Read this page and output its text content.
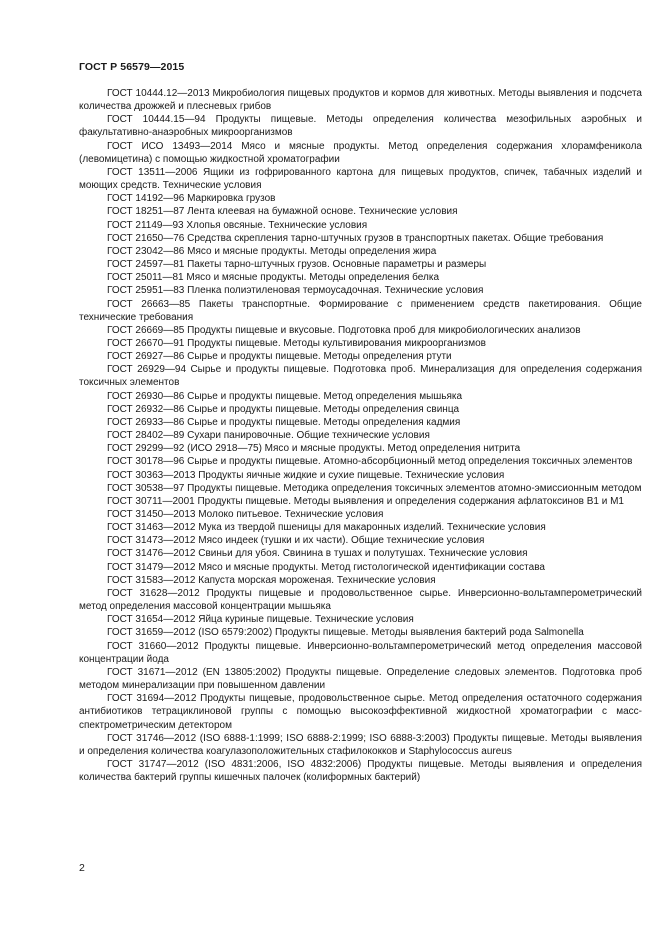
ГОСТ Р 56579—2015

ГОСТ 10444.12—2013 Микробиология пищевых продуктов и кормов для животных. Методы выявления и подсчета количества дрожжей и плесневых грибов

ГОСТ 10444.15—94 Продукты пищевые. Методы определения количества мезофильных аэробных и факультативно-анаэробных микроорганизмов

ГОСТ ИСО 13493—2014 Мясо и мясные продукты. Метод определения содержания хлорамфеникола (левомицетина) с помощью жидкостной хроматографии

ГОСТ 13511—2006 Ящики из гофрированного картона для пищевых продуктов, спичек, табачных изделий и моющих средств. Технические условия

ГОСТ 14192—96 Маркировка грузов

ГОСТ 18251—87 Лента клеевая на бумажной основе. Технические условия

ГОСТ 21149—93 Хлопья овсяные. Технические условия

ГОСТ 21650—76 Средства скрепления тарно-штучных грузов в транспортных пакетах. Общие требования

ГОСТ 23042—86 Мясо и мясные продукты. Методы определения жира

ГОСТ 24597—81 Пакеты тарно-штучных грузов. Основные параметры и размеры

ГОСТ 25011—81 Мясо и мясные продукты. Методы определения белка

ГОСТ 25951—83 Пленка полиэтиленовая термоусадочная. Технические условия

ГОСТ 26663—85 Пакеты транспортные. Формирование с применением средств пакетирования. Общие технические требования

ГОСТ 26669—85 Продукты пищевые и вкусовые. Подготовка проб для микробиологических анализов

ГОСТ 26670—91 Продукты пищевые. Методы культивирования микроорганизмов

ГОСТ 26927—86 Сырье и продукты пищевые. Методы определения ртути

ГОСТ 26929—94 Сырье и продукты пищевые. Подготовка проб. Минерализация для определения содержания токсичных элементов

ГОСТ 26930—86 Сырье и продукты пищевые. Метод определения мышьяка

ГОСТ 26932—86 Сырье и продукты пищевые. Методы определения свинца

ГОСТ 26933—86 Сырье и продукты пищевые. Методы определения кадмия

ГОСТ 28402—89 Сухари панировочные. Общие технические условия

ГОСТ 29299—92 (ИСО 2918—75) Мясо и мясные продукты. Метод определения нитрита

ГОСТ 30178—96 Сырье и продукты пищевые. Атомно-абсорбционный метод определения токсичных элементов

ГОСТ 30363—2013 Продукты яичные жидкие и сухие пищевые. Технические условия

ГОСТ 30538—97 Продукты пищевые. Методика определения токсичных элементов атомно-эмиссионным методом

ГОСТ 30711—2001 Продукты пищевые. Методы выявления и определения содержания афлатоксинов В1 и М1

ГОСТ 31450—2013 Молоко питьевое. Технические условия

ГОСТ 31463—2012 Мука из твердой пшеницы для макаронных изделий. Технические условия

ГОСТ 31473—2012 Мясо индеек (тушки и их части). Общие технические условия

ГОСТ 31476—2012 Свиньи для убоя. Свинина в тушах и полутушах. Технические условия

ГОСТ 31479—2012 Мясо и мясные продукты. Метод гистологической идентификации состава

ГОСТ 31583—2012 Капуста морская мороженая. Технические условия

ГОСТ 31628—2012 Продукты пищевые и продовольственное сырье. Инверсионно-вольтамперометрический метод определения массовой концентрации мышьяка

ГОСТ 31654—2012 Яйца куриные пищевые. Технические условия

ГОСТ 31659—2012 (ISO 6579:2002) Продукты пищевые. Методы выявления бактерий рода Salmonella

ГОСТ 31660—2012 Продукты пищевые. Инверсионно-вольтамперометрический метод определения массовой концентрации йода

ГОСТ 31671—2012 (EN 13805:2002) Продукты пищевые. Определение следовых элементов. Подготовка проб методом минерализации при повышенном давлении

ГОСТ 31694—2012 Продукты пищевые, продовольственное сырье. Метод определения остаточного содержания антибиотиков тетрациклиновой группы с помощью высокоэффективной жидкостной хроматографии с масс-спектрометрическим детектором

ГОСТ 31746—2012 (ISO 6888-1:1999; ISO 6888-2:1999; ISO 6888-3:2003) Продукты пищевые. Методы выявления и определения количества коагулазоположительных стафилококков и Staphylococcus aureus

ГОСТ 31747—2012 (ISO 4831:2006, ISO 4832:2006) Продукты пищевые. Методы выявления и определения количества бактерий группы кишечных палочек (колиформных бактерий)

2
